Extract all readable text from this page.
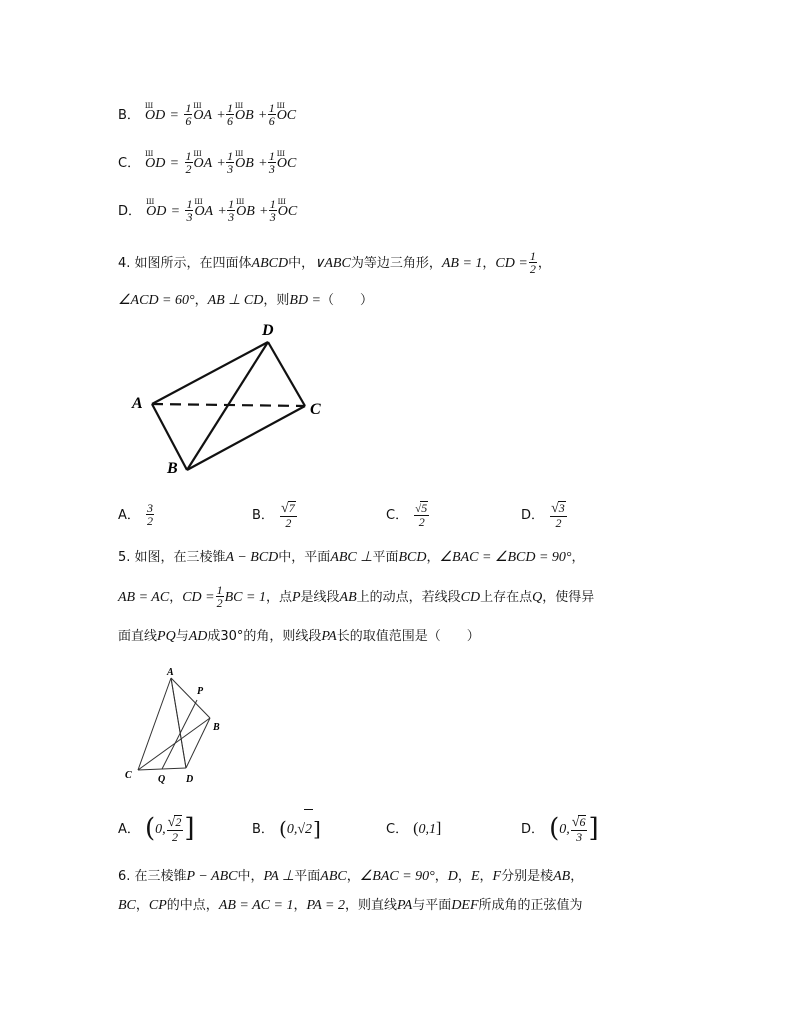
B．
Ш
OD = $\frac{1}{6}$ Ш
OA + $\frac{1}{6}$ Ш
OB + $\frac{1}{6}$ Ш
OC
C．
Ш
OD = $\frac{1}{2}$ Ш
OA + $\frac{1}{3}$ Ш
OB + $\frac{1}{3}$ Ш
OC
D．
Ш
OD = $\frac{1}{3}$ Ш
OA + $\frac{1}{3}$ Ш
OB + $\frac{1}{3}$ Ш
OC
4. 如图所示，在四面体ABCD中，∨ABC为等边三角形，AB = 1，CD = $\frac{1}{2}$ ，
∠ACD = 60°，AB ⊥ CD，则BD =（　　）
D
A	C
B
A． $\frac{3}{2}$	B． $\frac{√7}{2}$	C． $\frac{√5}{2}$	D． $\frac{√3}{2}$
5. 如图，在三棱锥A − BCD中，平面ABC ⊥平面BCD，∠BAC = ∠BCD = 90°，
AB = AC，CD = $\frac{1}{2}$ BC = 1，点P是线段AB上的动点，若线段CD上存在点Q，使得异
面直线PQ与AD成30°的角，则线段PA长的取值范围是（　　）
A
P
B
C	Q D
A． (0, $\frac{√2}{2}$ ]	B． (0,√2]	C． (0,1]	D． (0, $\frac{√6}{3}$ ]
6. 在三棱锥P − ABC中，PA ⊥平面ABC，∠BAC = 90°，D，E，F分别是棱AB，
BC，CP的中点，AB = AC = 1，PA = 2，则直线PA与平面DEF所成角的正弦值为
